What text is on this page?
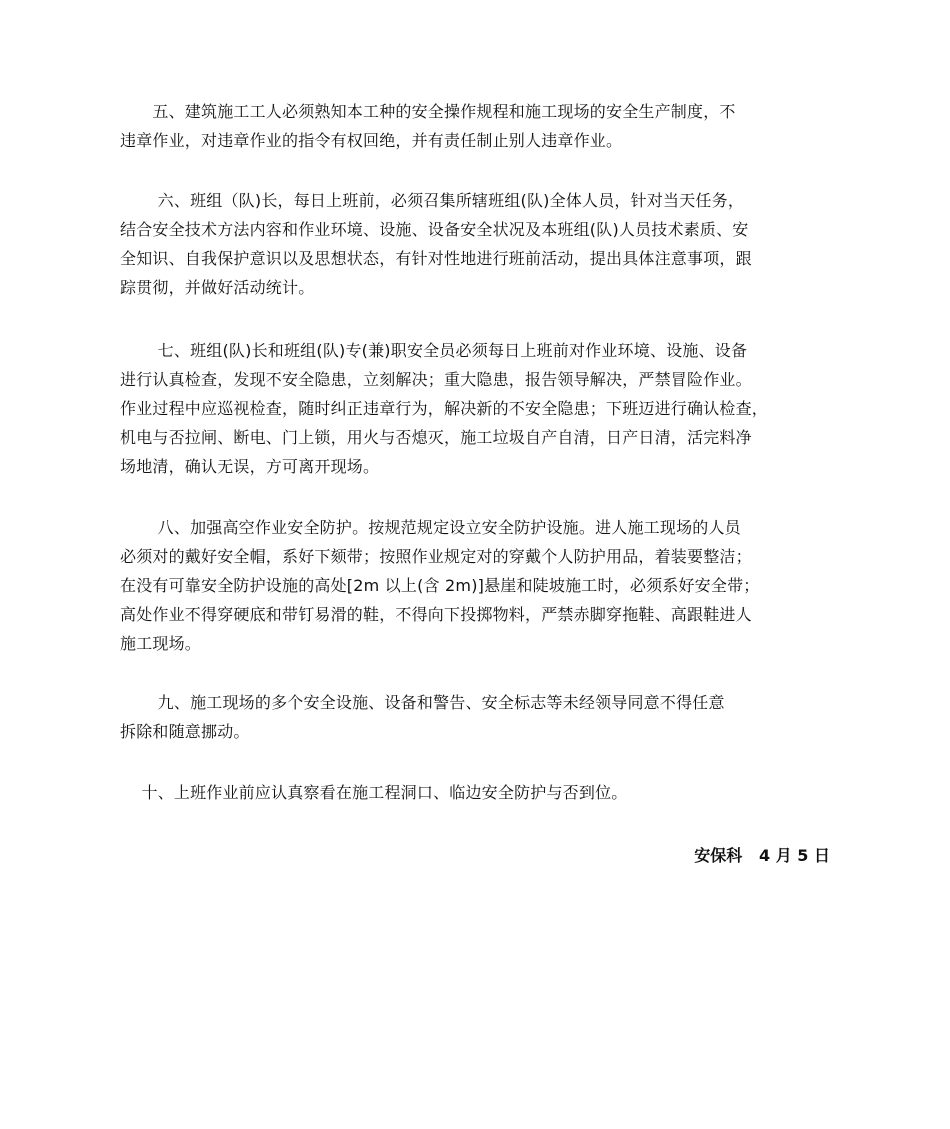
　　五、建筑施工工人必须熟知本工种的安全操作规程和施工现场的安全生产制度，不
违章作业，对违章作业的指令有权回绝，并有责任制止别人违章作业。
　　 六、班组（队)长，每日上班前，必须召集所辖班组(队)全体人员，针对当天任务，
结合安全技术方法内容和作业环境、设施、设备安全状况及本班组(队)人员技术素质、安
全知识、自我保护意识以及思想状态，有针对性地进行班前活动，提出具体注意事项，跟
踪贯彻，并做好活动统计。
　　 七、班组(队)长和班组(队)专(兼)职安全员必须每日上班前对作业环境、设施、设备
进行认真检查，发现不安全隐患，立刻解决；重大隐患，报告领导解决，严禁冒险作业。
作业过程中应巡视检查，随时纠正违章行为，解决新的不安全隐患；下班迈进行确认检查，
机电与否拉闸、断电、门上锁，用火与否熄灭，施工垃圾自产自清，日产日清，活完料净
场地清，确认无误，方可离开现场。
　　 八、加强高空作业安全防护。按规范规定设立安全防护设施。进人施工现场的人员
必须对的戴好安全帽，系好下颏带；按照作业规定对的穿戴个人防护用品，着装要整洁；
在没有可靠安全防护设施的高处[2m 以上(含 2m)]悬崖和陡坡施工时，必须系好安全带；
高处作业不得穿硬底和带钉易滑的鞋，不得向下投掷物料，严禁赤脚穿拖鞋、高跟鞋进人
施工现场。
　　 九、施工现场的多个安全设施、设备和警告、安全标志等未经领导同意不得任意
拆除和随意挪动。
　 十、上班作业前应认真察看在施工程洞口、临边安全防护与否到位。
安保科   4 月 5 日
